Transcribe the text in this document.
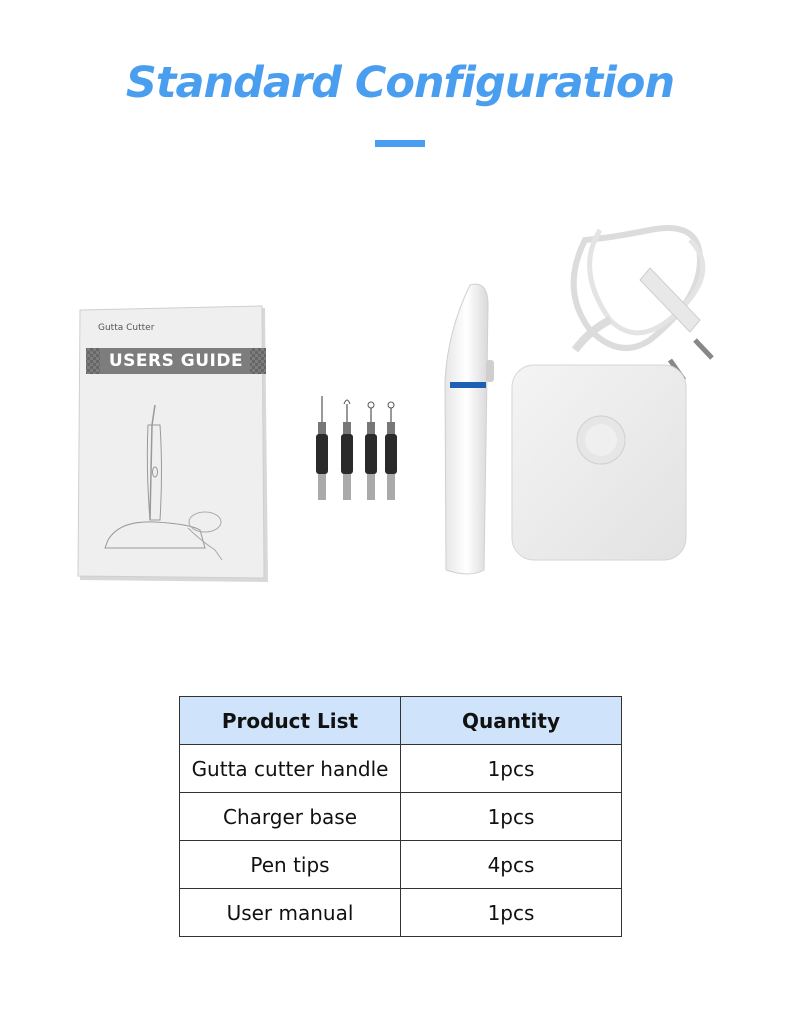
Standard Configuration
Gutta Cutter
USERS GUIDE
Product List	Quantity
Gutta cutter handle	1pcs
Charger base	1pcs
Pen tips	4pcs
User manual	1pcs
